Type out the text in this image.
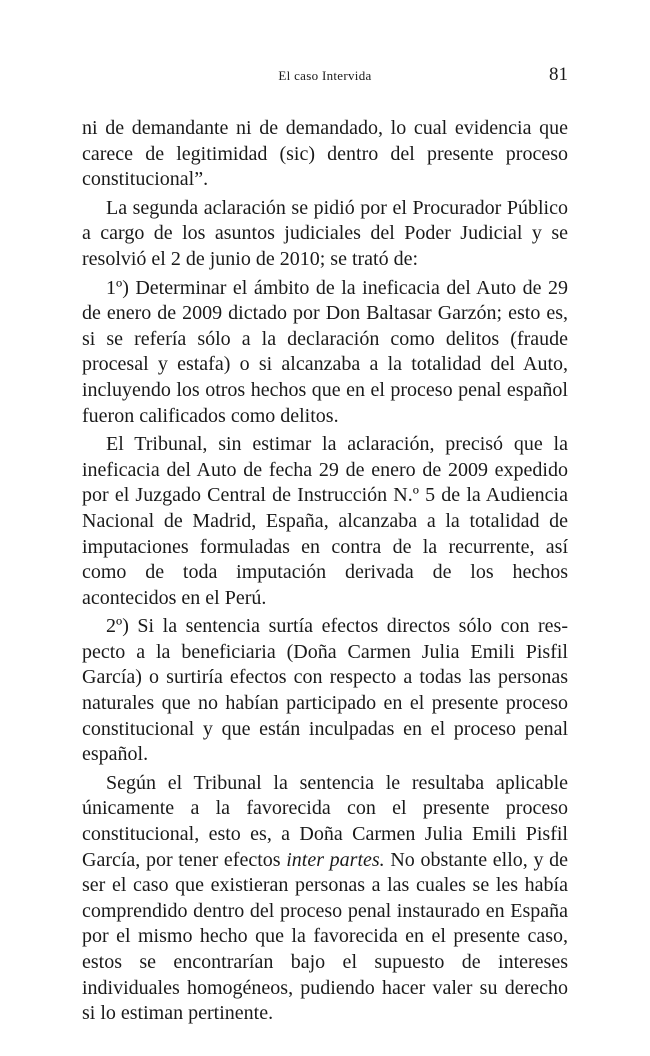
El caso Intervida	81

ni de demandante ni de demandado, lo cual evidencia que carece de legitimidad (sic) dentro del presente proceso constitucional”.

La segunda aclaración se pidió por el Procurador Público a cargo de los asuntos judiciales del Poder Judicial y se resolvió el 2 de junio de 2010; se trató de:

1º) Determinar el ámbito de la ineficacia del Auto de 29 de enero de 2009 dictado por Don Baltasar Garzón; esto es, si se refería sólo a la declaración como delitos (fraude procesal y estafa) o si alcanzaba a la totalidad del Auto, incluyendo los otros hechos que en el proceso penal español fueron calificados como delitos.

El Tribunal, sin estimar la aclaración, precisó que la ineficacia del Auto de fecha 29 de enero de 2009 expedido por el Juzgado Central de Instrucción N.º 5 de la Audiencia Nacional de Madrid, España, alcanzaba a la totalidad de imputaciones formuladas en contra de la recurrente, así como de toda imputación derivada de los hechos acontecidos en el Perú.

2º) Si la sentencia surtía efectos directos sólo con respecto a la beneficiaria (Doña Carmen Julia Emili Pisfil García) o surtiría efectos con respecto a todas las personas naturales que no habían participado en el presente proceso constitucional y que están inculpadas en el proceso penal español.

Según el Tribunal la sentencia le resultaba aplicable únicamente a la favorecida con el presente proceso constitucional, esto es, a Doña Carmen Julia Emili Pisfil García, por tener efectos inter partes. No obstante ello, y de ser el caso que existieran personas a las cuales se les había comprendido dentro del proceso penal instaurado en España por el mismo hecho que la favorecida en el presente caso, estos se encontrarían bajo el supuesto de intereses individuales homogéneos, pudiendo hacer valer su derecho si lo estiman pertinente.
